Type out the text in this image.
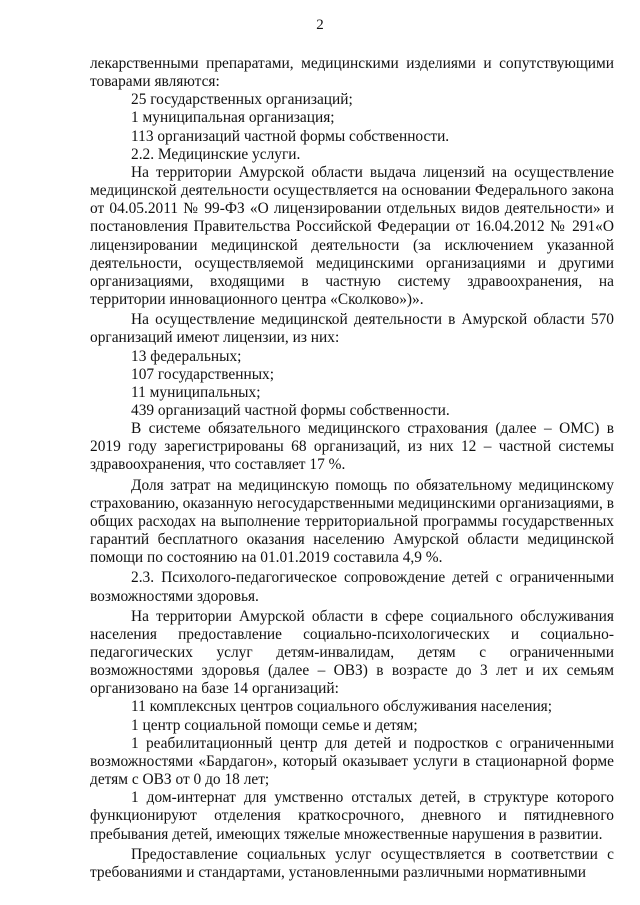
2

лекарственными препаратами, медицинскими изделиями и сопутствующими товарами являются:

25 государственных организаций;

1 муниципальная организация;

113 организаций частной формы собственности.

2.2. Медицинские услуги.

На территории Амурской области выдача лицензий на осуществление медицинской деятельности осуществляется на основании Федерального закона от 04.05.2011 № 99-ФЗ «О лицензировании отдельных видов деятельности» и постановления Правительства Российской Федерации от 16.04.2012 № 291«О лицензировании медицинской деятельности (за исключением указанной деятельности, осуществляемой медицинскими организациями и другими организациями, входящими в частную систему здравоохранения, на территории инновационного центра «Сколково»)».

На осуществление медицинской деятельности в Амурской области 570 организаций имеют лицензии, из них:

13 федеральных;

107 государственных;

11 муниципальных;

439 организаций частной формы собственности.

В системе обязательного медицинского страхования (далее – ОМС) в 2019 году зарегистрированы 68 организаций, из них 12 – частной системы здравоохранения, что составляет 17 %.

Доля затрат на медицинскую помощь по обязательному медицинскому страхованию, оказанную негосударственными медицинскими организациями, в общих расходах на выполнение территориальной программы государственных гарантий бесплатного оказания населению Амурской области медицинской помощи по состоянию на 01.01.2019 составила 4,9 %.

2.3. Психолого-педагогическое сопровождение детей с ограниченными возможностями здоровья.

На территории Амурской области в сфере социального обслуживания населения предоставление социально-психологических и социально-педагогических услуг детям-инвалидам, детям с ограниченными возможностями здоровья (далее – ОВЗ) в возрасте до 3 лет и их семьям организовано на базе 14 организаций:

11 комплексных центров социального обслуживания населения;

1 центр социальной помощи семье и детям;

1 реабилитационный центр для детей и подростков с ограниченными возможностями «Бардагон», который оказывает услуги в стационарной форме детям с ОВЗ от 0 до 18 лет;

1 дом-интернат для умственно отсталых детей, в структуре которого функционируют отделения краткосрочного, дневного и пятидневного пребывания детей, имеющих тяжелые множественные нарушения в развитии.

Предоставление социальных услуг осуществляется в соответствии с требованиями и стандартами, установленными различными нормативными
